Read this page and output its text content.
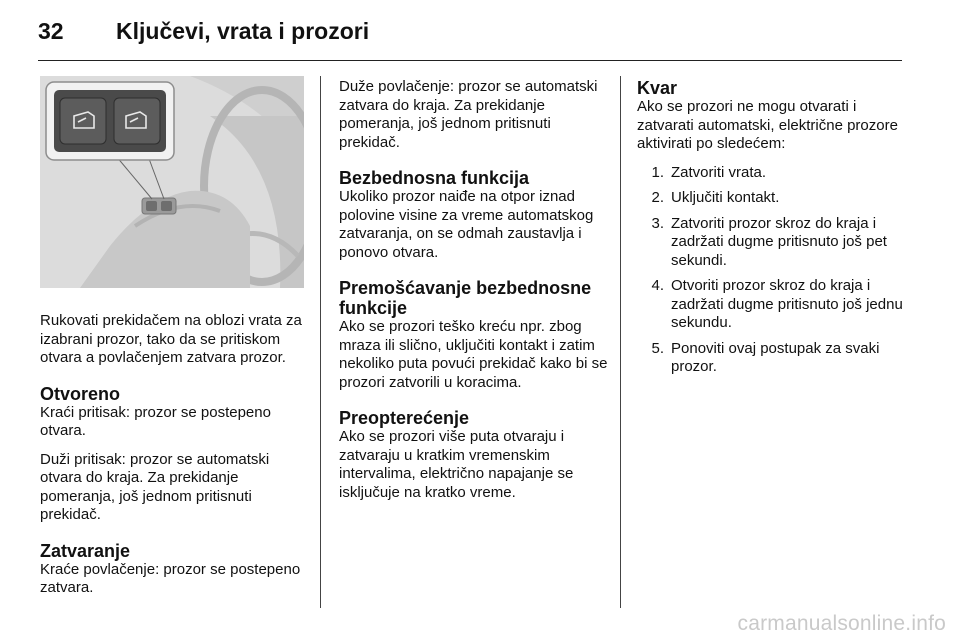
32 Ključevi, vrata i prozori

Rukovati prekidačem na oblozi vrata za izabrani prozor, tako da se pritiskom otvara a povlačenjem zatvara prozor.

Otvoreno

Kraći pritisak: prozor se postepeno otvara.

Duži pritisak: prozor se automatski otvara do kraja. Za prekidanje pomeranja, još jednom pritisnuti prekidač.

Zatvaranje

Kraće povlačenje: prozor se postepeno zatvara.

Duže povlačenje: prozor se automatski zatvara do kraja. Za prekidanje pomeranja, još jednom pritisnuti prekidač.

Bezbednosna funkcija

Ukoliko prozor naiđe na otpor iznad polovine visine za vreme automatskog zatvaranja, on se odmah zaustavlja i ponovo otvara.

Premošćavanje bezbednosne funkcije

Ako se prozori teško kreću npr. zbog mraza ili slično, uključiti kontakt i zatim nekoliko puta povući prekidač kako bi se prozori zatvorili u koracima.

Preopterećenje

Ako se prozori više puta otvaraju i zatvaraju u kratkim vremenskim intervalima, električno napajanje se isključuje na kratko vreme.

Kvar

Ako se prozori ne mogu otvarati i zatvarati automatski, električne prozore aktivirati po sledećem:

1. Zatvoriti vrata.
2. Uključiti kontakt.
3. Zatvoriti prozor skroz do kraja i zadržati dugme pritisnuto još pet sekundi.
4. Otvoriti prozor skroz do kraja i zadržati dugme pritisnuto još jednu sekundu.
5. Ponoviti ovaj postupak za svaki prozor.
carmanualsonline.info
